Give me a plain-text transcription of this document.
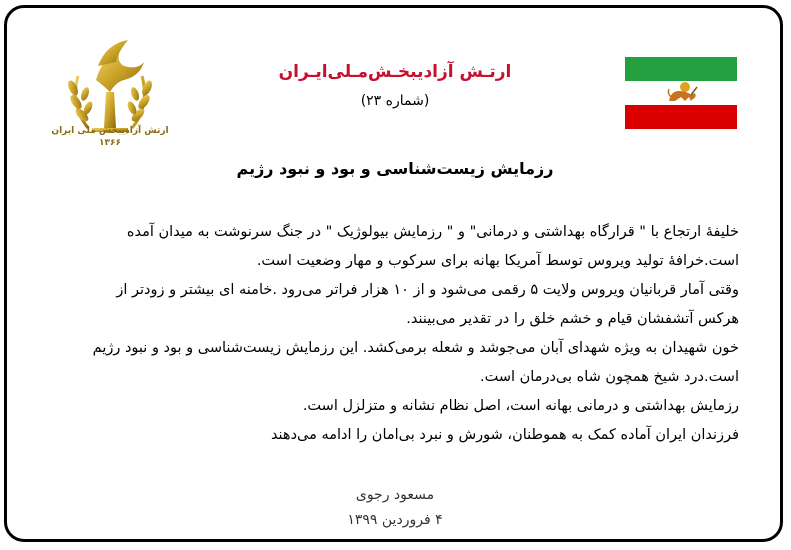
ارتش آزادیبخش ملی ایران
۱۳۶۶
ارتـش آزادیبخـش‌مـلی‌ایـران
(شماره ۲۳)
رزمایش زیست‌شناسی و بود و نبود رژیم
خلیفهٔ ارتجاع با " قرارگاه بهداشتی و درمانی" و " رزمایش بیولوژیک " در جنگ سرنوشت به میدان آمده
است.خرافهٔ تولید ویروس توسط آمریکا بهانه برای سرکوب و مهار وضعیت است.
وقتی آمار قربانیان ویروس ولایت ۵ رقمی می‌شود و از ۱۰ هزار فراتر می‌رود .خامنه ای بیشتر و زودتر از
هرکس آتشفشان قیام و خشم خلق را در تقدیر می‌بینند.
خون شهیدان به ویژه شهدای آبان می‌جوشد و شعله برمی‌کشد. این رزمایش زیست‌شناسی و بود و نبود رژیم
است.درد شیخ همچون شاه بی‌درمان است.
رزمایش بهداشتی و درمانی بهانه است، اصل نظام نشانه و متزلزل است.
فرزندان ایران آماده کمک به هموطنان، شورش و نبرد بی‌امان را ادامه می‌دهند
مسعود رجوی
۴ فروردین ۱۳۹۹
